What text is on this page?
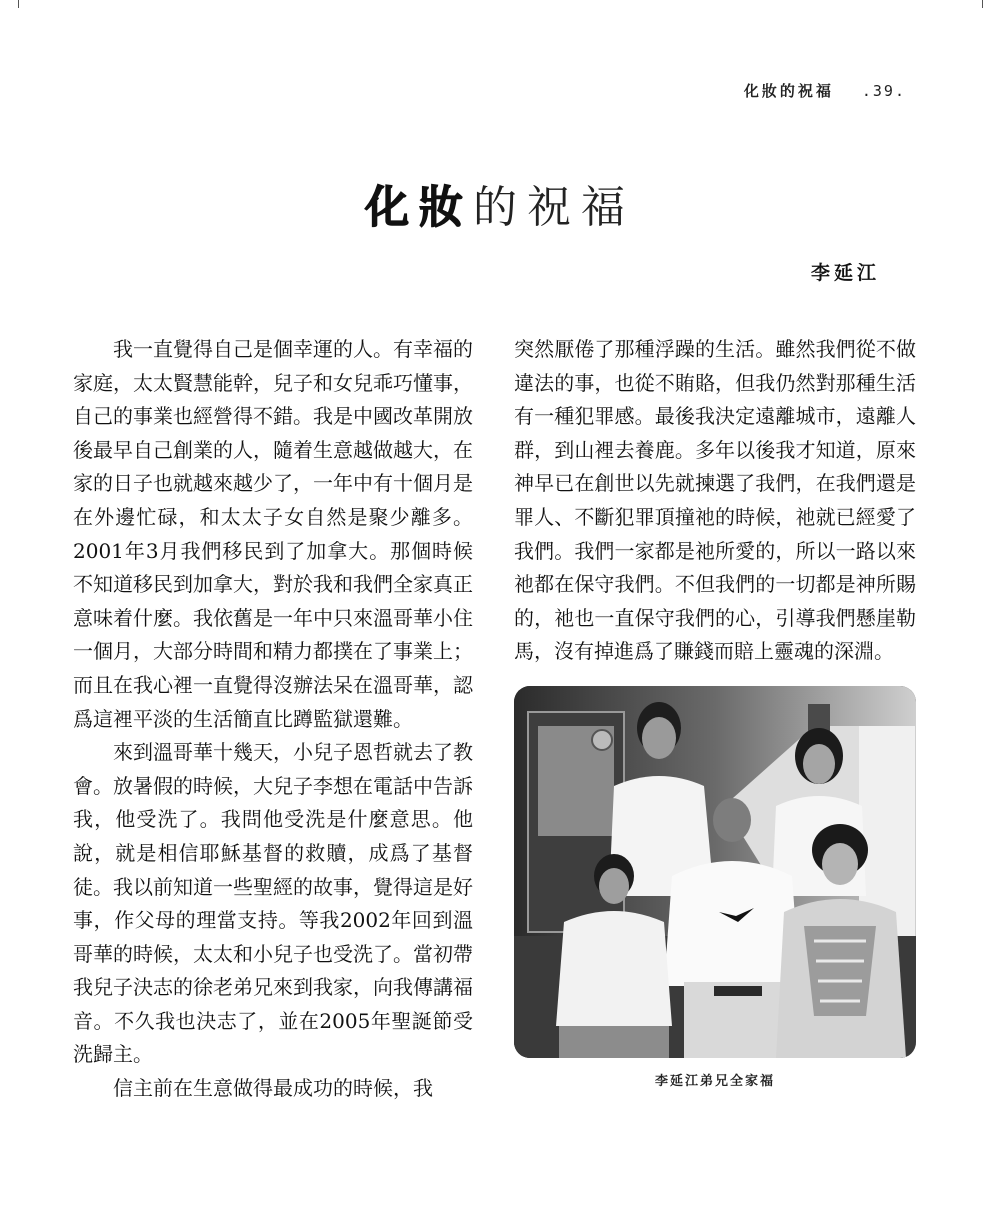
化妝的祝福 .39.
化妝的祝福
李延江

我一直覺得自己是個幸運的人。有幸福的家庭，太太賢慧能幹，兒子和女兒乖巧懂事，自己的事業也經營得不錯。我是中國改革開放後最早自己創業的人，隨着生意越做越大，在家的日子也就越來越少了，一年中有十個月是在外邊忙碌，和太太子女自然是聚少離多。2001年3月我們移民到了加拿大。那個時候不知道移民到加拿大，對於我和我們全家真正意味着什麼。我依舊是一年中只來溫哥華小住一個月，大部分時間和精力都撲在了事業上；而且在我心裡一直覺得沒辦法呆在溫哥華，認爲這裡平淡的生活簡直比蹲監獄還難。

來到溫哥華十幾天，小兒子恩哲就去了教會。放暑假的時候，大兒子李想在電話中告訴我，他受洗了。我問他受洗是什麼意思。他說，就是相信耶穌基督的救贖，成爲了基督徒。我以前知道一些聖經的故事，覺得這是好事，作父母的理當支持。等我2002年回到溫哥華的時候，太太和小兒子也受洗了。當初帶我兒子決志的徐老弟兄來到我家，向我傳講福音。不久我也決志了，並在2005年聖誕節受洗歸主。

信主前在生意做得最成功的時候，我

突然厭倦了那種浮躁的生活。雖然我們從不做違法的事，也從不賄賂，但我仍然對那種生活有一種犯罪感。最後我決定遠離城市，遠離人群，到山裡去養鹿。多年以後我才知道，原來神早已在創世以先就揀選了我們，在我們還是罪人、不斷犯罪頂撞祂的時候，祂就已經愛了我們。我們一家都是祂所愛的，所以一路以來祂都在保守我們。不但我們的一切都是神所賜的，祂也一直保守我們的心，引導我們懸崖勒馬，沒有掉進爲了賺錢而賠上靈魂的深淵。

李延江弟兄全家福
